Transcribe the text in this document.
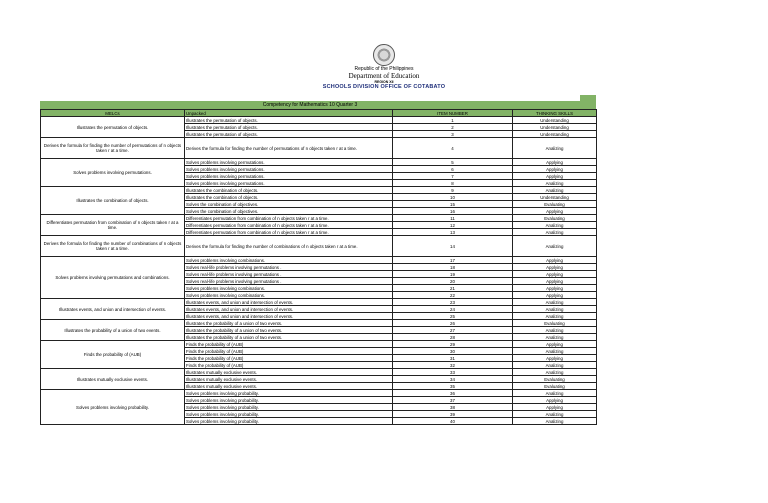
Republic of the Philippines
Department of Education
REGION XII
SCHOOLS DIVISION OFFICE OF COTABATO
Competency for Mathematics 10 Quarter 3
MELCs	Unpacked	ITEM NUMBER	THINKING SKILLS
Illustrates the permutation of objects.	Illustrates the permutation of objects.	1	Understanding
	Illustrates the permutation of objects.	2	Understanding
	Illustrates the permutation of objects.	3	Understanding
Derives the formula for finding the number of permutations of n objects taken r at a time.	Derives the formula for finding the number of permutations of n objects taken r at a time.	4	Analizing
Solves problems involving permutations.	Solves problems involving permutations.	5	Applying
	Solves problems involving permutations.	6	Applying
	Solves problems involving permutations.	7	Applying
	Solves problems involving permutations.	8	Analizing
Illustrates the combination of objects.	Illustrates the combination of objects.	9	Analizing
	Illustrates the combination of objects.	10	Understanding
	Solves the combination of objectives.	15	Evaluating
	Solves the combination of objectives.	16	Applying
Differentiates permutation from combination of n objects taken r at a time.	Differentiates permutation from combination of n objects taken r at a time.	11	Evaluating
	Differentiates permutation from combination of n objects taken r at a time.	12	Analizing
	Differentiates permutation from combination of n objects taken r at a time.	13	Analizing
Derives the formula for finding the number of combinations of n objects taken r at a time.	Derives the formula for finding the number of combinations of n objects taken r at a time.	14	Analizing
Solves problems involving permutations and combinations.	Solves problems involving combinations.	17	Applying
	Solves real-life problems involving permutations .	18	Applying
	Solves real-life problems involving permutations .	19	Applying
	Solves real-life problems involving permutations .	20	Applying
	Solves problems involving combinations.	21	Applying
	Solves problems involving combinations.	22	Applying
Illustrates events, and union and intersection of events.	Illustrates events, and union and intersection of events.	23	Analizing
	Illustrates events, and union and intersection of events.	24	Analizing
	Illustrates events, and union and intersection of events.	25	Analizing
Illustrates the probability of a union of two events.	Illustrates the probability of a union of two events.	26	Evaluating
	Illustrates the probability of a union of two events.	27	Analizing
	Illustrates the probability of a union of two events.	28	Analizing
Finds the probability of (AUB)	Finds the probability of (AUB)	29	Applying
	Finds the probability of (AUB)	30	Analizing
	Finds the probability of (AUB)	31	Applying
	Finds the probability of (AUB)	32	Analizing
Illustrates mutually exclusive events.	Illustrates mutually exclusive events.	33	Analizing
	Illustrates mutually exclusive events.	34	Evaluating
	Illustrates mutually exclusive events.	35	Evaluating
Solves problems involving probability.	Solves problems involving probability.	36	Analizing
	Solves problems involving probability.	37	Applying
	Solves problems involving probability.	38	Applying
	Solves problems involving probability.	39	Analizing
	Solves problems involving probability.	40	Analizing
